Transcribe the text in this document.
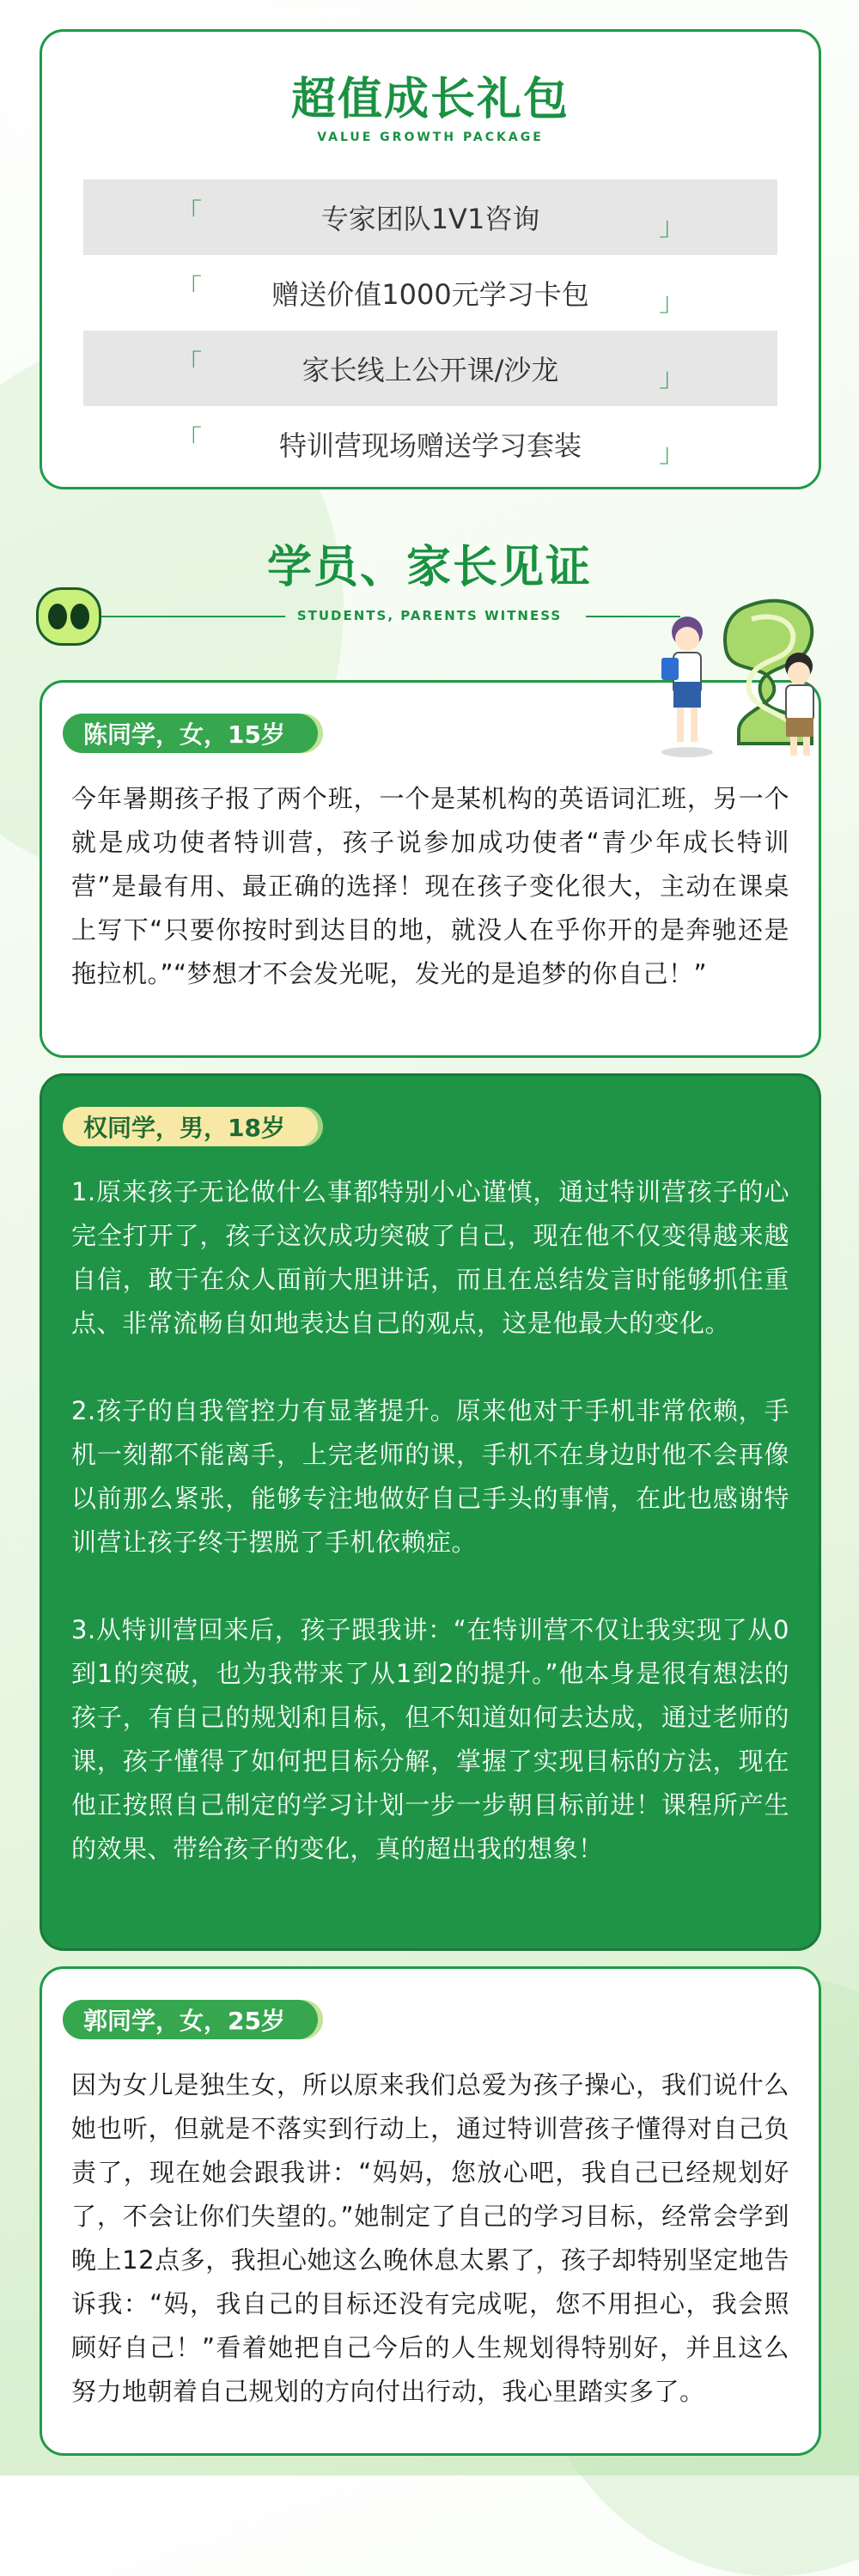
超值成长礼包
VALUE GROWTH PACKAGE
「	专家团队1V1咨询	」
「	赠送价值1000元学习卡包	」
「	家长线上公开课/沙龙	」
「	特训营现场赠送学习套装	」
学员、家长见证
STUDENTS, PARENTS WITNESS
陈同学，女，15岁

今年暑期孩子报了两个班，一个是某机构的英语词汇班，另一个就是成功使者特训营，孩子说参加成功使者“青少年成长特训营”是最有用、最正确的选择！现在孩子变化很大，主动在课桌上写下“只要你按时到达目的地，就没人在乎你开的是奔驰还是拖拉机。”“梦想才不会发光呢，发光的是追梦的你自己！”

权同学，男，18岁

1.原来孩子无论做什么事都特别小心谨慎，通过特训营孩子的心完全打开了，孩子这次成功突破了自己，现在他不仅变得越来越自信，敢于在众人面前大胆讲话，而且在总结发言时能够抓住重点、非常流畅自如地表达自己的观点，这是他最大的变化。

2.孩子的自我管控力有显著提升。原来他对于手机非常依赖，手机一刻都不能离手，上完老师的课，手机不在身边时他不会再像以前那么紧张，能够专注地做好自己手头的事情，在此也感谢特训营让孩子终于摆脱了手机依赖症。

3.从特训营回来后，孩子跟我讲：“在特训营不仅让我实现了从0到1的突破，也为我带来了从1到2的提升。”他本身是很有想法的孩子，有自己的规划和目标，但不知道如何去达成，通过老师的课，孩子懂得了如何把目标分解，掌握了实现目标的方法，现在他正按照自己制定的学习计划一步一步朝目标前进！课程所产生的效果、带给孩子的变化，真的超出我的想象！

郭同学，女，25岁

因为女儿是独生女，所以原来我们总爱为孩子操心，我们说什么她也听，但就是不落实到行动上，通过特训营孩子懂得对自己负责了，现在她会跟我讲：“妈妈，您放心吧，我自己已经规划好了，不会让你们失望的。”她制定了自己的学习目标，经常会学到晚上12点多，我担心她这么晚休息太累了，孩子却特别坚定地告诉我：“妈，我自己的目标还没有完成呢，您不用担心，我会照顾好自己！”看着她把自己今后的人生规划得特别好，并且这么努力地朝着自己规划的方向付出行动，我心里踏实多了。
